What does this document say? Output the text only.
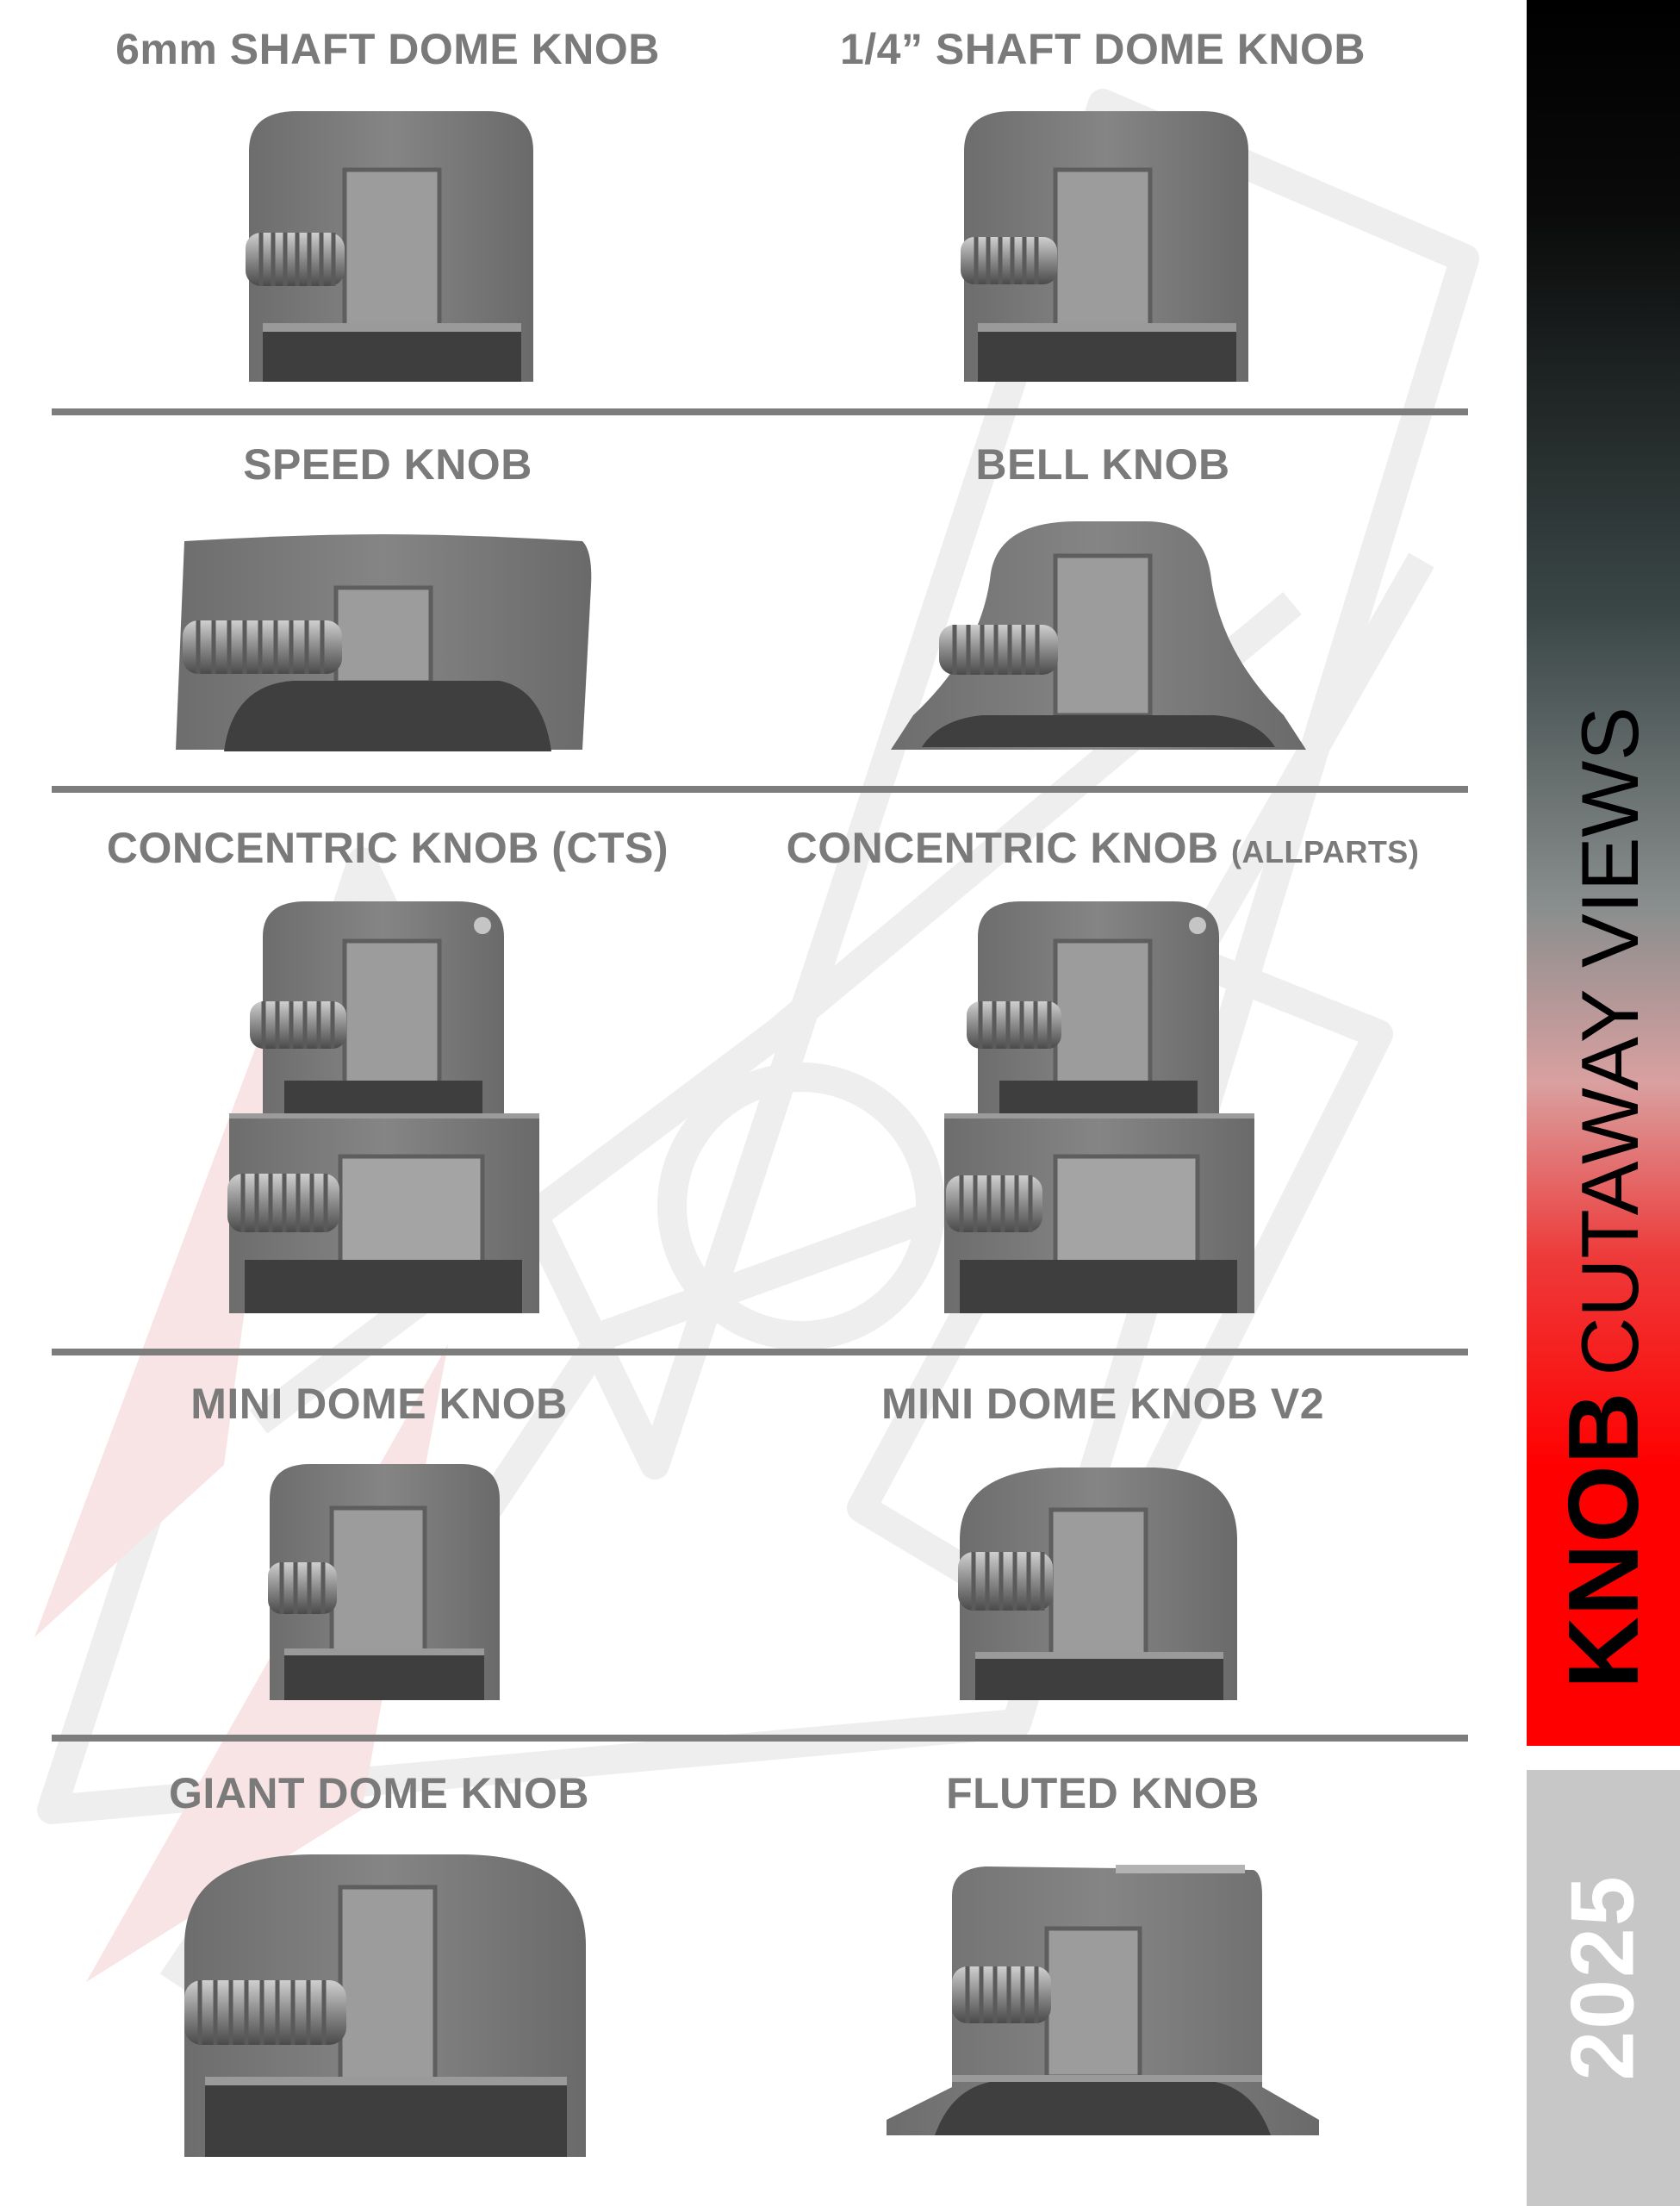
KNOBCUTAWAY VIEWS
2025
6mm SHAFT DOME KNOB	1/4” SHAFT DOME KNOB
SPEED KNOB	BELL KNOB
CONCENTRIC KNOB (CTS)	CONCENTRIC KNOB (ALLPARTS)
MINI DOME KNOB	MINI DOME KNOB V2
GIANT DOME KNOB	FLUTED KNOB
